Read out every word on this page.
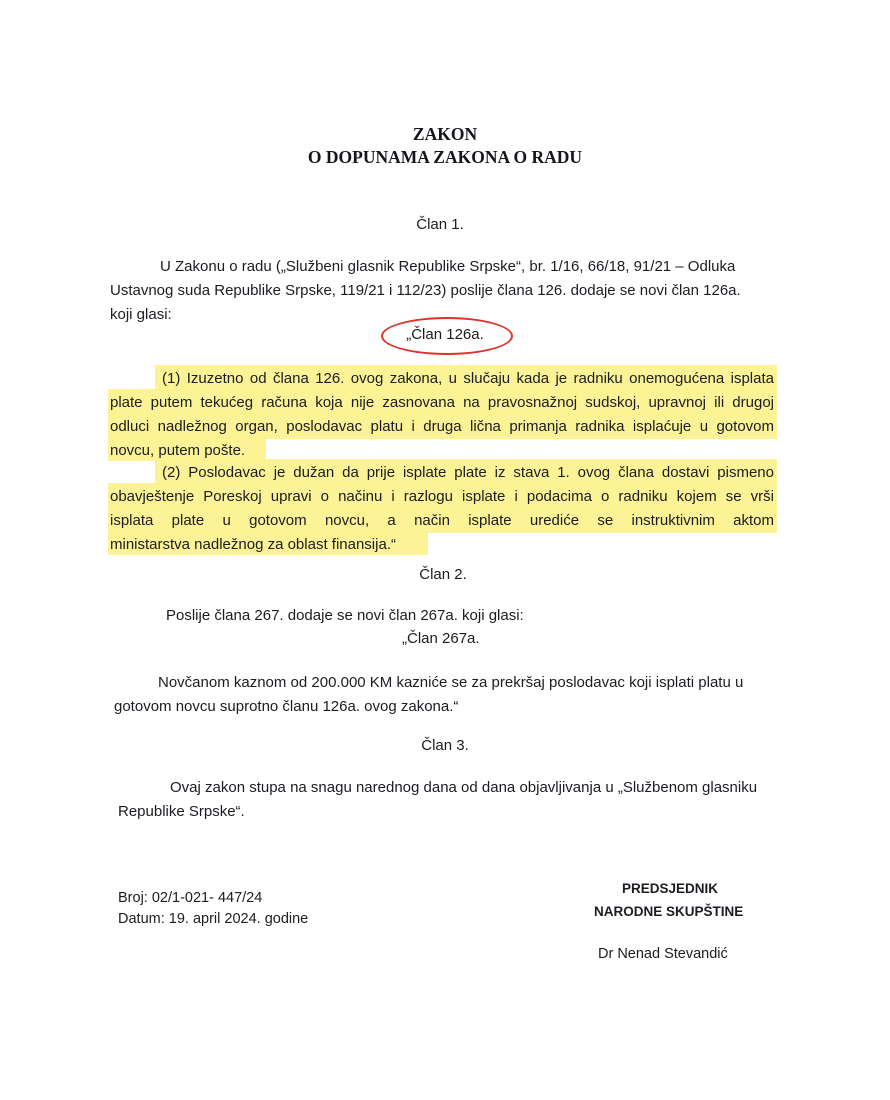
ZAKON
O DOPUNAMA ZAKONA O RADU
Član 1.
U Zakonu o radu („Službeni glasnik Republike Srpske“, br. 1/16, 66/18, 91/21 – Odluka
Ustavnog suda Republike Srpske, 119/21 i 112/23) poslije člana 126. dodaje se novi član 126a.
koji glasi:
„Član 126a.
(1) Izuzetno od člana 126. ovog zakona, u slučaju kada je radniku onemogućena isplata
plate putem tekućeg računa koja nije zasnovana na pravosnažnoj sudskoj, upravnoj ili drugoj
odluci nadležnog organ, poslodavac platu i druga lična primanja radnika isplaćuje u gotovom
novcu, putem pošte.
(2) Poslodavac je dužan da prije isplate plate iz stava 1. ovog člana dostavi pismeno
obavještenje Poreskoj upravi o načinu i razlogu isplate i podacima o radniku kojem se vrši
isplata plate u gotovom novcu, a način isplate urediće se instruktivnim aktom
ministarstva nadležnog za oblast finansija.“
Član 2.
Poslije člana 267. dodaje se novi član 267a. koji glasi:
„Član 267a.
Novčanom kaznom od 200.000 KM kazniće se za prekršaj poslodavac koji isplati platu u
gotovom novcu suprotno članu 126a. ovog zakona.“
Član 3.
Ovaj zakon stupa na snagu narednog dana od dana objavljivanja u „Službenom glasniku
Republike Srpske“.
Broj: 02/1-021- 447/24
Datum: 19. april 2024. godine
PREDSJEDNIK
NARODNE SKUPŠTINE
Dr Nenad Stevandić
